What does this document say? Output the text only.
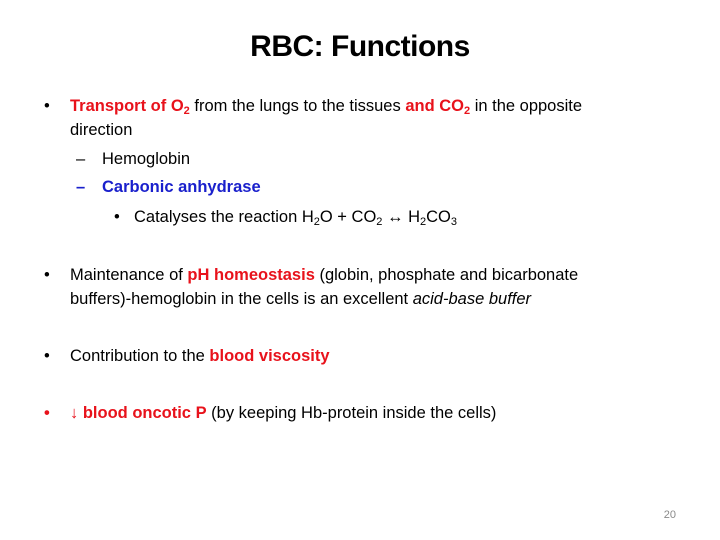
RBC: Functions
• Transport of $O_2$ from the lungs to the tissues and $CO_2$ in the opposite
direction
– Hemoglobin
– Carbonic anhydrase
• Catalyses the reaction $H_2O + CO_2$ ↔ $H_2CO_3$
• Maintenance of pH homeostasis (globin, phosphate and bicarbonate
buffers)-hemoglobin in the cells is an excellent acid-base buffer
• Contribution to the blood viscosity
• ↓ blood oncotic P (by keeping Hb-protein inside the cells)
20
